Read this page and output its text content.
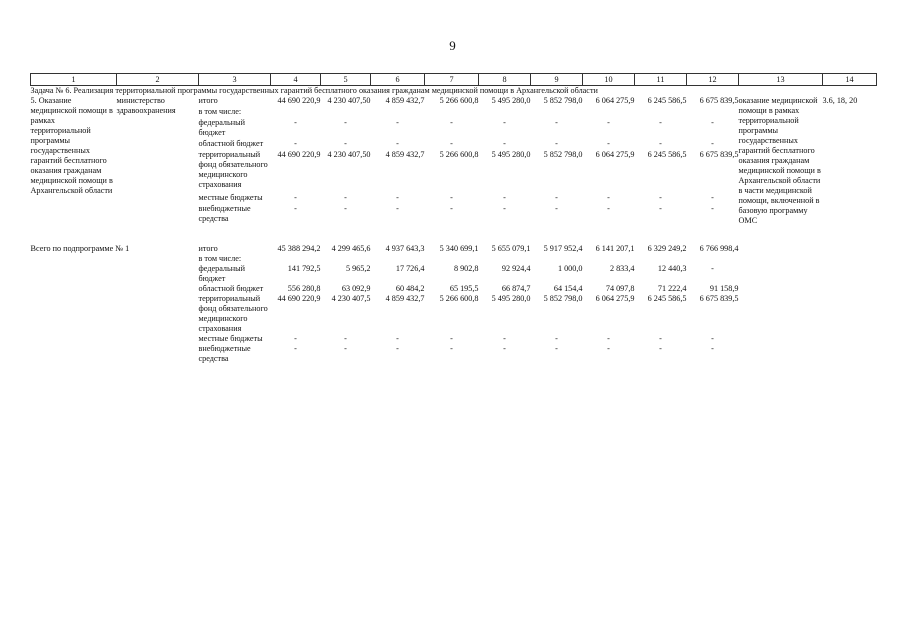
9
1	2	3	4	5	6	7	8	9	10	11	12	13	14
Задача № 6. Реализация территориальной программы государственных гарантий бесплатного оказания гражданам медицинской помощи в Архангельской области													
5. Оказание медицинской помощи в рамках территориальной программы государственных гарантий бесплатного оказания гражданам медицинской помощи в Архангельской области	министерство здравоохранения	итого	44 690 220,9	4 230 407,50	4 859 432,7	5 266 600,8	5 495 280,0	5 852 798,0	6 064 275,9	6 245 586,5	6 675 839,5	оказание медицинской помощи в рамках территориальной программы государственных гарантий бесплатного оказания гражданам медицинской помощи в Архангельской области в части медицинской помощи, включенной в базовую программу ОМС	3.6, 18, 20
		в том числе:											
		федеральный бюджет	-	-	-	-	-	-	-	-	-		
		областной бюджет	-	-	-	-	-	-	-	-	-		
		территориальный фонд обязательного медицинского страхования	44 690 220,9	4 230 407,50	4 859 432,7	5 266 600,8	5 495 280,0	5 852 798,0	6 064 275,9	6 245 586,5	6 675 839,5		
		местные бюджеты	-	-	-	-	-	-	-	-	-		
		внебюджетные средства	-	-	-	-	-	-	-	-	-		

Всего по подпрограмме № 1		итого	45 388 294,2	4 299 465,6	4 937 643,3	5 340 699,1	5 655 079,1	5 917 952,4	6 141 207,1	6 329 249,2	6 766 998,4		
		в том числе:											
		федеральный бюджет	141 792,5	5 965,2	17 726,4	8 902,8	92 924,4	1 000,0	2 833,4	12 440,3	-		
		областной бюджет	556 280,8	63 092,9	60 484,2	65 195,5	66 874,7	64 154,4	74 097,8	71 222,4	91 158,9		
		территориальный фонд обязательного медицинского страхования	44 690 220,9	4 230 407,5	4 859 432,7	5 266 600,8	5 495 280,0	5 852 798,0	6 064 275,9	6 245 586,5	6 675 839,5		
		местные бюджеты	-	-	-	-	-	-	-	-	-		
		внебюджетные средства	-	-	-	-	-	-	-	-	-		
